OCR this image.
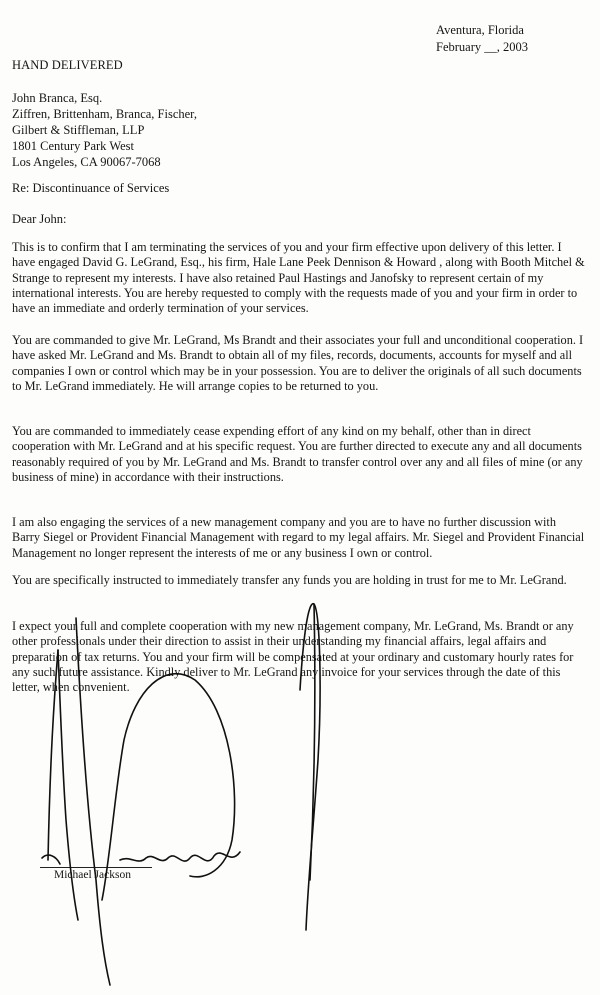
Aventura, Florida
February __, 2003
HAND DELIVERED
John Branca, Esq.
Ziffren, Brittenham, Branca, Fischer,
Gilbert & Stiffleman, LLP
1801 Century Park West
Los Angeles, CA 90067-7068
Re: Discontinuance of Services
Dear John:
This is to confirm that I am terminating the services of you and your firm effective upon delivery of this letter. I have engaged David G. LeGrand, Esq., his firm, Hale Lane Peek Dennison & Howard , along with Booth Mitchel & Strange to represent my interests. I have also retained Paul Hastings and Janofsky to represent certain of my international interests. You are hereby requested to comply with the requests made of you and your firm in order to have an immediate and orderly termination of your services.
You are commanded to give Mr. LeGrand, Ms Brandt and their associates your full and unconditional cooperation. I have asked Mr. LeGrand and Ms. Brandt to obtain all of my files, records, documents, accounts for myself and all companies I own or control which may be in your possession. You are to deliver the originals of all such documents to Mr. LeGrand immediately. He will arrange copies to be returned to you.
You are commanded to immediately cease expending effort of any kind on my behalf, other than in direct cooperation with Mr. LeGrand and at his specific request. You are further directed to execute any and all documents reasonably required of you by Mr. LeGrand and Ms. Brandt to transfer control over any and all files of mine (or any business of mine) in accordance with their instructions.
I am also engaging the services of a new management company and you are to have no further discussion with Barry Siegel or Provident Financial Management with regard to my legal affairs. Mr. Siegel and Provident Financial Management no longer represent the interests of me or any business I own or control.
You are specifically instructed to immediately transfer any funds you are holding in trust for me to Mr. LeGrand.
I expect your full and complete cooperation with my new management company, Mr. LeGrand, Ms. Brandt or any other professionals under their direction to assist in their understanding my financial affairs, legal affairs and preparation of tax returns. You and your firm will be compensated at your ordinary and customary hourly rates for any such future assistance. Kindly deliver to Mr. LeGrand any invoice for your services through the date of this letter, when convenient.
Michael Jackson
